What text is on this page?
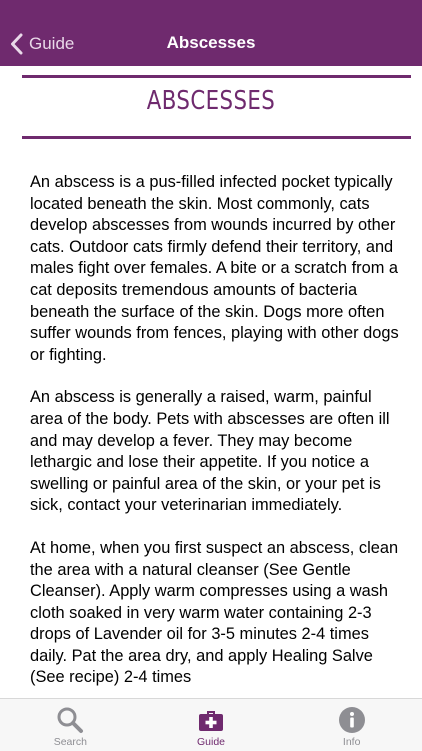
Guide	Abscesses
ABSCESSES

An abscess is a pus-filled infected pocket typically located beneath the skin. Most commonly, cats develop abscesses from wounds incurred by other cats. Outdoor cats firmly defend their territory, and males fight over females. A bite or a scratch from a cat deposits tremendous amounts of bacteria beneath the surface of the skin. Dogs more often suffer wounds from fences, playing with other dogs or fighting.

An abscess is generally a raised, warm, painful area of the body. Pets with abscesses are often ill and may develop a fever. They may become lethargic and lose their appetite. If you notice a swelling or painful area of the skin, or your pet is sick, contact your veterinarian immediately.

At home, when you first suspect an abscess, clean the area with a natural cleanser (See Gentle Cleanser). Apply warm compresses using a wash cloth soaked in very warm water containing 2-3 drops of Lavender oil for 3-5 minutes 2-4 times daily. Pat the area dry, and apply Healing Salve (See recipe) 2-4 times

Search	Guide	Info
